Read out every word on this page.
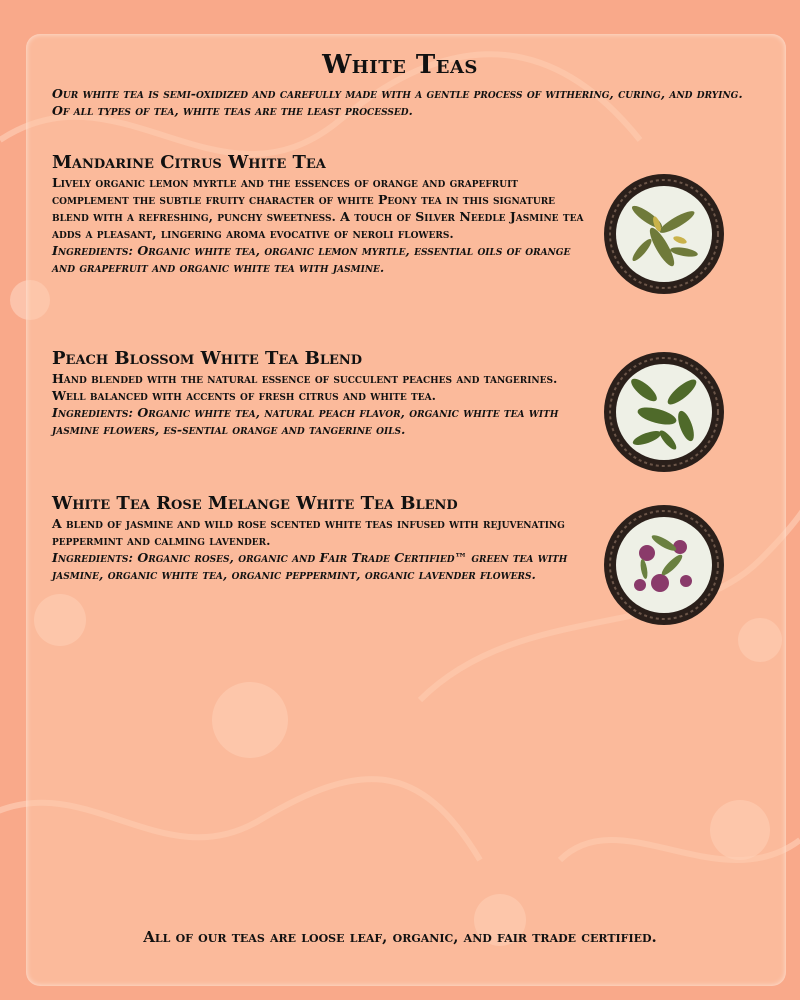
White Teas
Our white tea is semi-oxidized and carefully made with a gentle process of withering, curing, and drying. Of all types of tea, white teas are the least processed.
Mandarine Citrus White Tea
Lively organic lemon myrtle and the essences of orange and grapefruit complement the subtle fruity character of white Peony tea in this signature blend with a refreshing, punchy sweetness. A touch of Silver Needle Jasmine tea adds a pleasant, lingering aroma evocative of neroli flowers.
Ingredients: Organic white tea, organic lemon myrtle, essential oils of orange and grapefruit and organic white tea with jasmine.
Peach Blossom White Tea Blend
Hand blended with the natural essence of succulent peaches and tangerines. Well balanced with accents of fresh citrus and white tea.
Ingredients: Organic white tea, natural peach flavor, organic white tea with jasmine flowers, es-sential orange and tangerine oils.
White Tea Rose Melange White Tea Blend
A blend of jasmine and wild rose scented white teas infused with rejuvenating peppermint and calming lavender.
Ingredients: Organic roses, organic and Fair Trade Certified™ green tea with jasmine, organic white tea, organic peppermint, organic lavender flowers.
All of our teas are loose leaf, organic, and fair trade certified.
